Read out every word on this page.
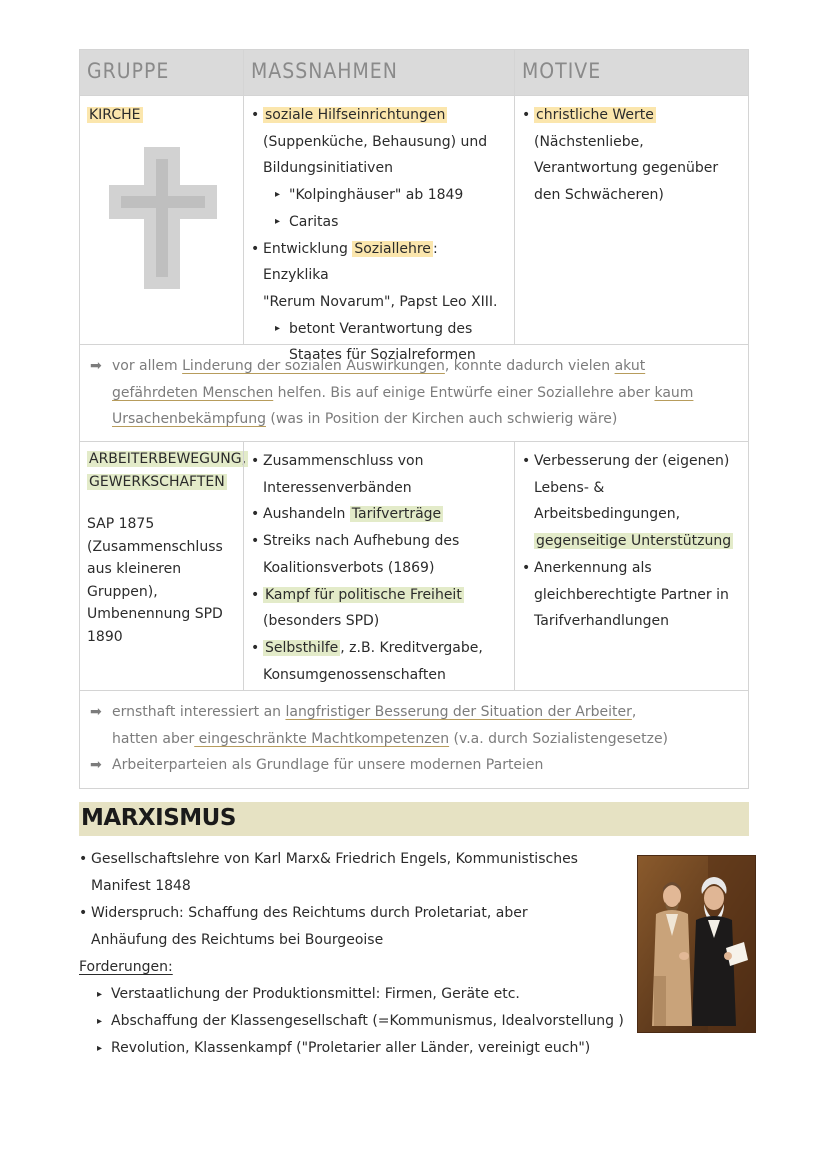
GRUPPE	MASSNAHMEN	MOTIVE
KIRCHE
•	soziale Hilfseinrichtungen
(Suppenküche, Behausung) und
Bildungsinitiativen
▸ "Kolpinghäuser" ab 1849
▸ Caritas
• Entwicklung Soziallehre : Enzyklika
"Rerum Novarum", Papst Leo XIII.
▸ betont Verantwortung des
Staates für Sozialreformen
• christliche Werte
(Nächstenliebe,
Verantwortung gegenüber
den Schwächeren)
➡ vor allem Linderung der sozialen Auswirkungen, konnte dadurch vielen akut
gefährdeten Menschen helfen. Bis auf einige Entwürfe einer Soziallehre aber kaum
Ursachenbekämpfung (was in Position der Kirchen auch schwierig wäre)
ARBEITERBEWEGUNG,
GEWERKSCHAFTEN
SAP 1875
(Zusammenschluss
aus kleineren
Gruppen),
Umbenennung SPD
1890
• Zusammenschluss von
Interessenverbänden
• Aushandeln Tarifverträge
• Streiks nach Aufhebung des
Koalitionsverbots (1869)
• Kampf für politische Freiheit
(besonders SPD)
• Selbsthilfe , z.B. Kreditvergabe,
Konsumgenossenschaften
• Verbesserung der (eigenen)
Lebens- &
Arbeitsbedingungen,
gegenseitige Unterstützung
• Anerkennung als
gleichberechtigte Partner in
Tarifverhandlungen
➡ ernsthaft interessiert an langfristiger Besserung der Situation der Arbeiter,
hatten aber eingeschränkte Machtkompetenzen (v.a. durch Sozialistengesetze)
➡ Arbeiterparteien als Grundlage für unsere modernen Parteien
MARXISMUS
• Gesellschaftslehre von Karl Marx& Friedrich Engels, Kommunistisches
Manifest 1848
• Widerspruch: Schaffung des Reichtums durch Proletariat, aber
Anhäufung des Reichtums bei Bourgeoise
Forderungen:
▸ Verstaatlichung der Produktionsmittel: Firmen, Geräte etc.
▸ Abschaffung der Klassengesellschaft (=Kommunismus, Idealvorstellung )
▸ Revolution, Klassenkampf ("Proletarier aller Länder, vereinigt euch")
